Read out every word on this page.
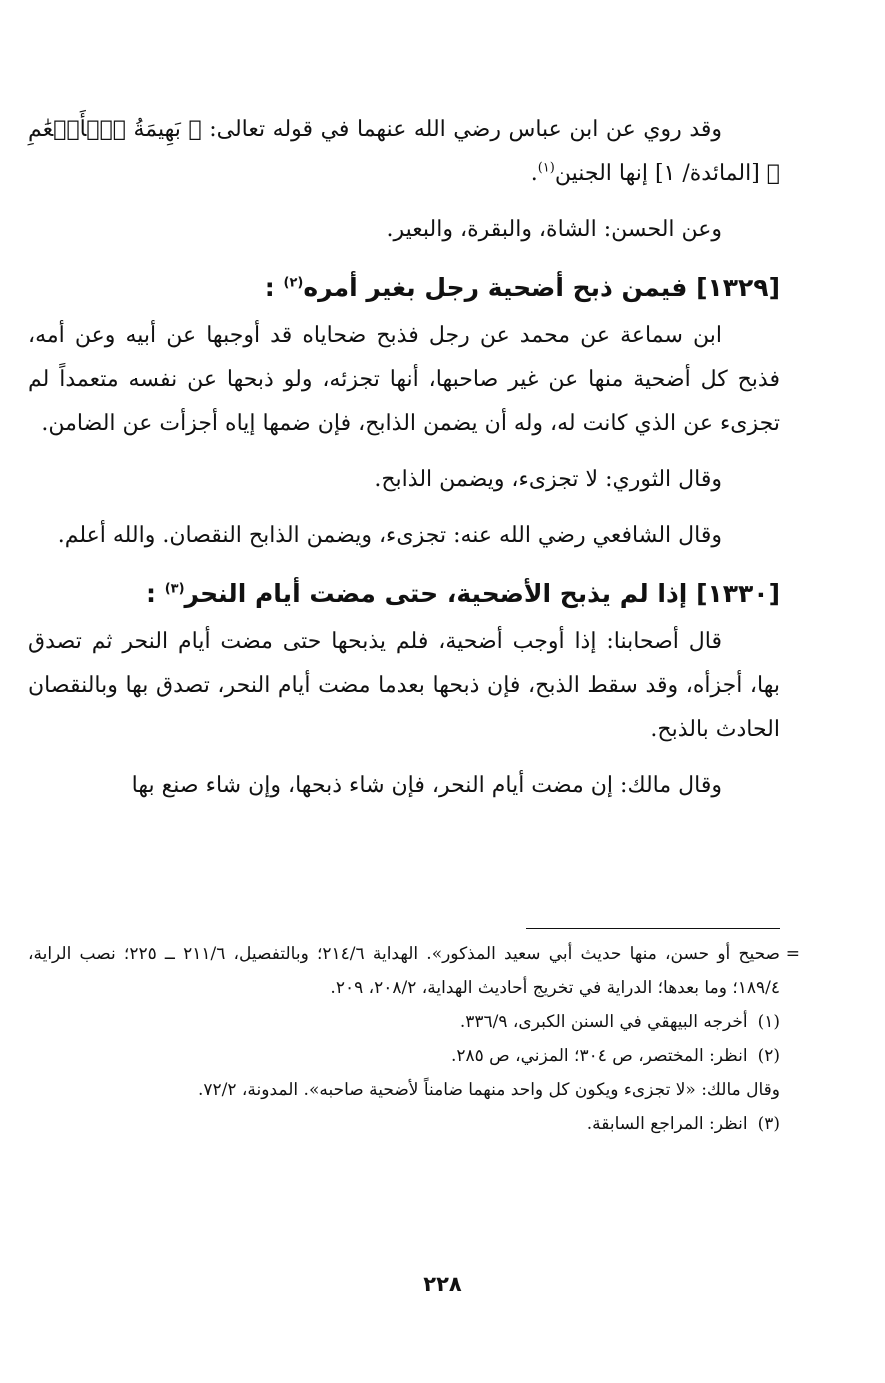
وقد روي عن ابن عباس رضي الله عنهما في قوله تعالى: ﴿ بَهِيمَةُ ٱلۡأَنۡعَٰمِ ﴾ [المائدة/ ١] إنها الجنين$^{(١)}$.

وعن الحسن: الشاة، والبقرة، والبعير.

[١٣٢٩] فيمن ذبح أضحية رجل بغير أمره$^{(٢)}$ :

ابن سماعة عن محمد عن رجل فذبح ضحاياه قد أوجبها عن أبيه وعن أمه، فذبح كل أضحية منها عن غير صاحبها، أنها تجزئه، ولو ذبحها عن نفسه متعمداً لم تجزىء عن الذي كانت له، وله أن يضمن الذابح، فإن ضمها إياه أجزأت عن الضامن.

وقال الثوري: لا تجزىء، ويضمن الذابح.

وقال الشافعي رضي الله عنه: تجزىء، ويضمن الذابح النقصان. والله أعلم.

[١٣٣٠] إذا لم يذبح الأضحية، حتى مضت أيام النحر$^{(٣)}$ :

قال أصحابنا: إذا أوجب أضحية، فلم يذبحها حتى مضت أيام النحر ثم تصدق بها، أجزأه، وقد سقط الذبح، فإن ذبحها بعدما مضت أيام النحر، تصدق بها وبالنقصان الحادث بالذبح.

وقال مالك: إن مضت أيام النحر، فإن شاء ذبحها، وإن شاء صنع بها

=
صحيح أو حسن، منها حديث أبي سعيد المذكور». الهداية ٢١٤/٦؛ وبالتفصيل، ٢١١/٦ ــ ٢٢٥؛ نصب الراية، ١٨٩/٤؛ وما بعدها؛ الدراية في تخريج أحاديث الهداية، ٢٠٨/٢، ٢٠٩.

(١)أخرجه البيهقي في السنن الكبرى، ٣٣٦/٩.

(٢)انظر: المختصر، ص ٣٠٤؛ المزني، ص ٢٨٥.

وقال مالك: «لا تجزىء ويكون كل واحد منهما ضامناً لأضحية صاحبه». المدونة، ٧٢/٢.

(٣)انظر: المراجع السابقة.

٢٢٨
